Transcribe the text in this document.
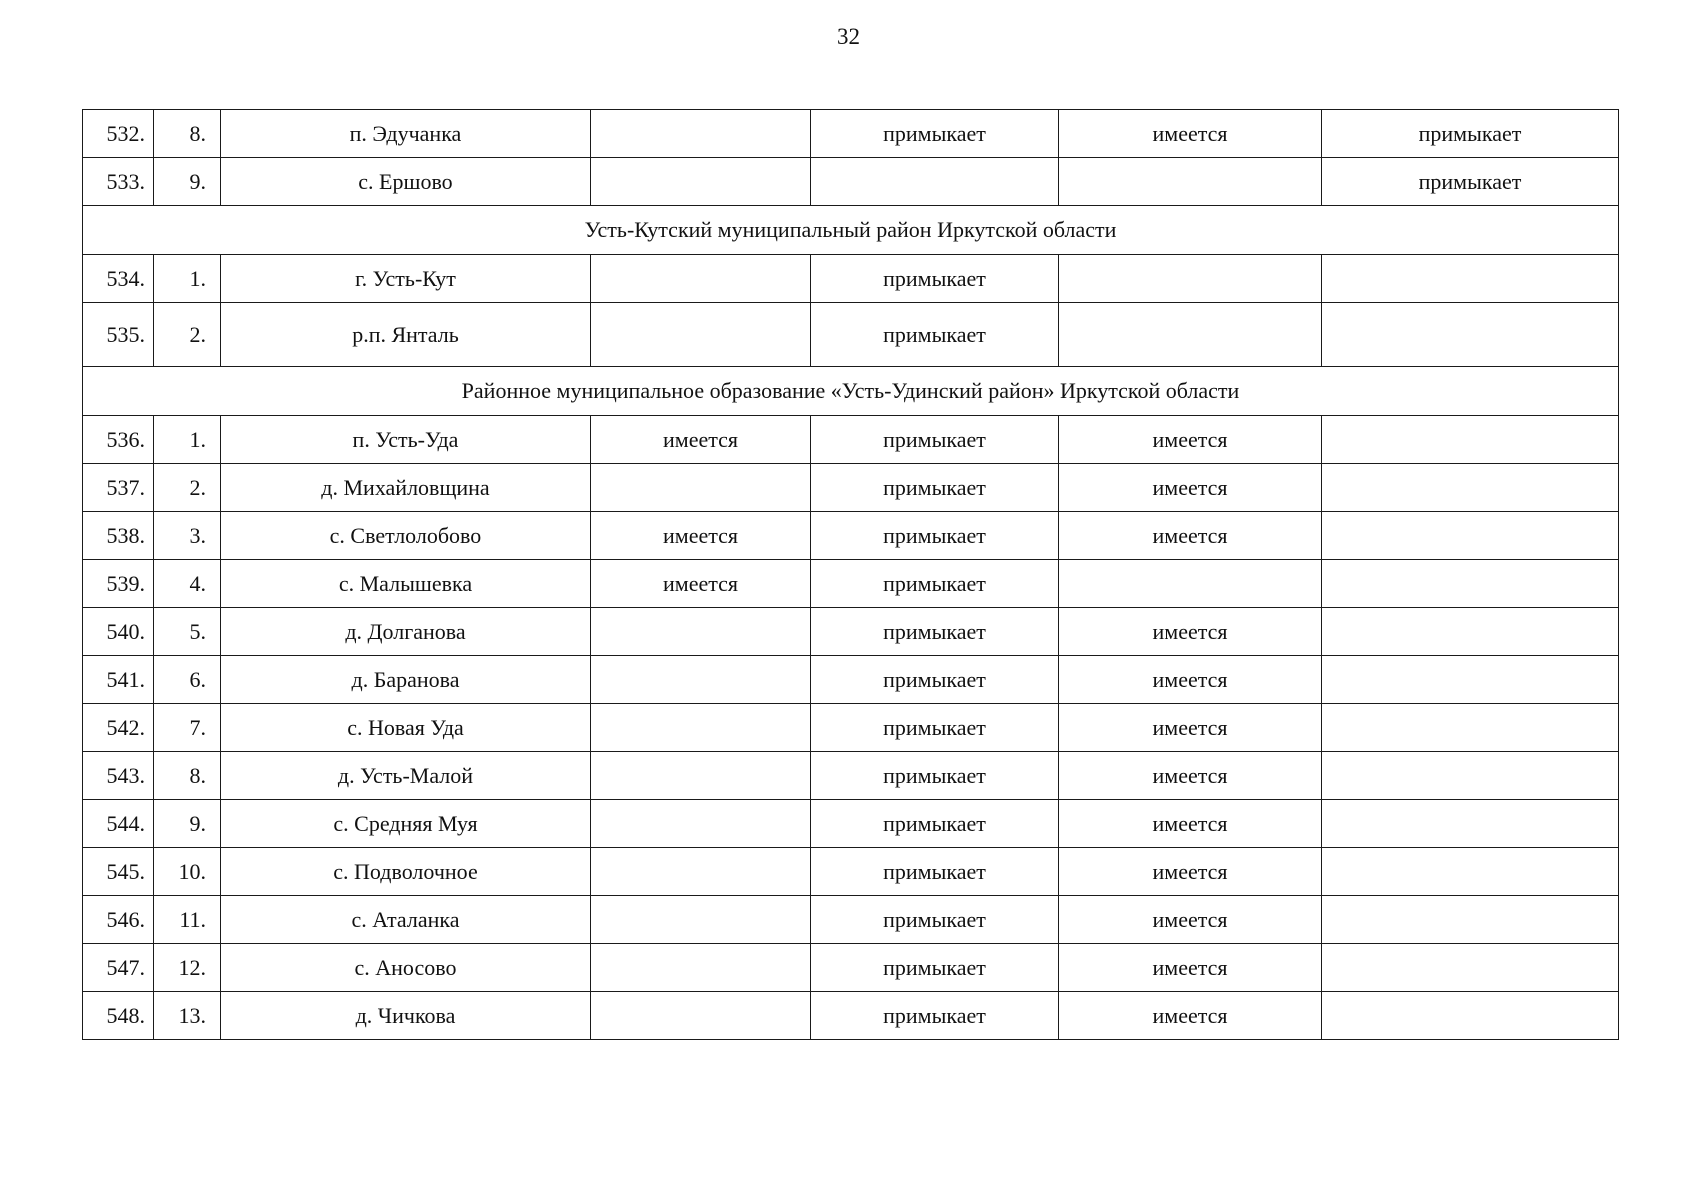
32
532.	8.	п. Эдучанка		примыкает	имеется	примыкает
533.	9.	с. Ершово				примыкает
Усть-Кутский муниципальный район Иркутской области						
534.	1.	г. Усть-Кут		примыкает		
535.	2.	р.п. Янталь		примыкает		
Районное муниципальное образование «Усть-Удинский район» Иркутской области						
536.	1.	п. Усть-Уда	имеется	примыкает	имеется	
537.	2.	д. Михайловщина		примыкает	имеется	
538.	3.	с. Светлолобово	имеется	примыкает	имеется	
539.	4.	с. Малышевка	имеется	примыкает		
540.	5.	д. Долганова		примыкает	имеется	
541.	6.	д. Баранова		примыкает	имеется	
542.	7.	с. Новая Уда		примыкает	имеется	
543.	8.	д. Усть-Малой		примыкает	имеется	
544.	9.	с. Средняя Муя		примыкает	имеется	
545.	10.	с. Подволочное		примыкает	имеется	
546.	11.	с. Аталанка		примыкает	имеется	
547.	12.	с. Аносово		примыкает	имеется	
548.	13.	д. Чичкова		примыкает	имеется	
